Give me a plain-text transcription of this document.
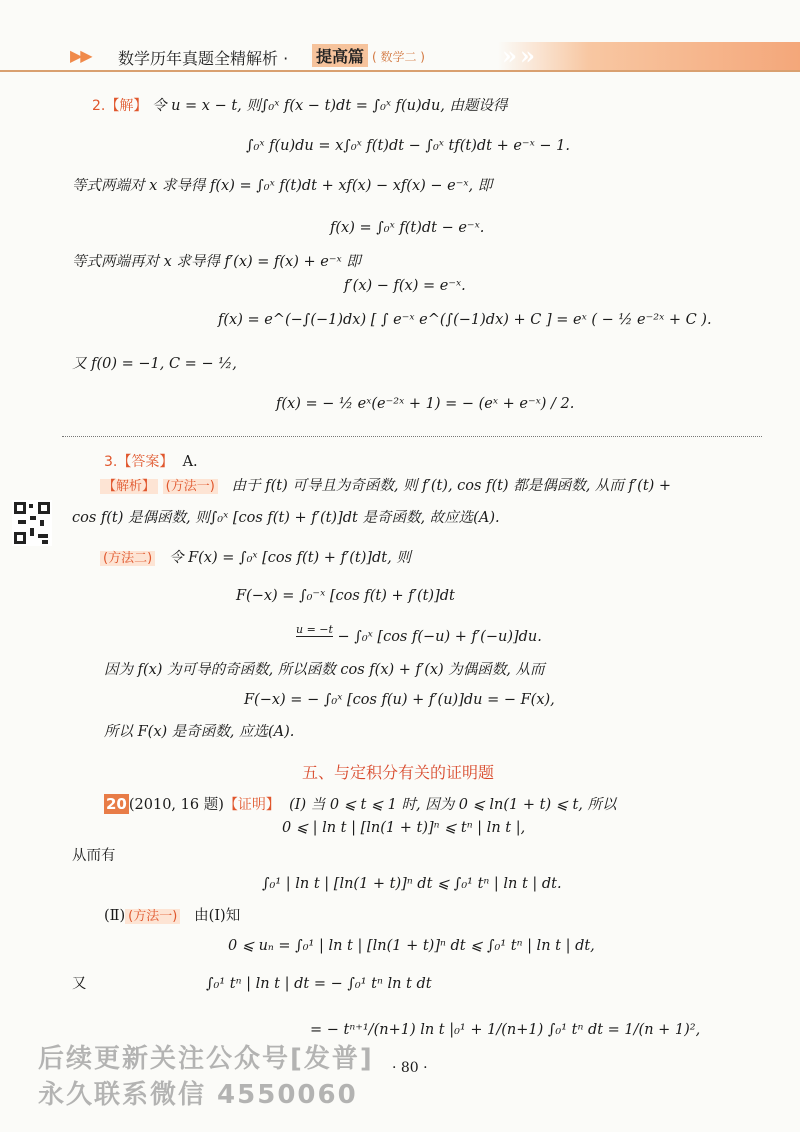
▶▶ 数学历年真题全精解析 · 提高篇 ( 数学二 )	» »
2.【解】 令 u = x − t, 则∫₀ˣ f(x − t)dt = ∫₀ˣ f(u)du, 由题设得
∫₀ˣ f(u)du = x∫₀ˣ f(t)dt − ∫₀ˣ tf(t)dt + e⁻ˣ − 1.
等式两端对 x 求导得 f(x) = ∫₀ˣ f(t)dt + xf(x) − xf(x) − e⁻ˣ, 即
f(x) = ∫₀ˣ f(t)dt − e⁻ˣ.
等式两端再对 x 求导得 f′(x) = f(x) + e⁻ˣ 即
f′(x) − f(x) = e⁻ˣ.
f(x) = e^(−∫(−1)dx) [ ∫ e⁻ˣ e^(∫(−1)dx) + C ] = eˣ ( − ½ e⁻²ˣ + C ).
又 f(0) = −1, C = − ½,
f(x) = − ½ eˣ(e⁻²ˣ + 1) = − (eˣ + e⁻ˣ) / 2.
3.【答案】 A.
【解析】 (方法一) 由于 f(t) 可导且为奇函数, 则 f′(t), cos f(t) 都是偶函数, 从而 f′(t) +
cos f(t) 是偶函数, 则∫₀ˣ [cos f(t) + f′(t)]dt 是奇函数, 故应选(A).
(方法二) 令 F(x) = ∫₀ˣ [cos f(t) + f′(t)]dt, 则
F(−x) = ∫₀⁻ˣ [cos f(t) + f′(t)]dt
u = −t − ∫₀ˣ [cos f(−u) + f′(−u)]du.
因为 f(x) 为可导的奇函数, 所以函数 cos f(x) + f′(x) 为偶函数, 从而
F(−x) = − ∫₀ˣ [cos f(u) + f′(u)]du = − F(x),
所以 F(x) 是奇函数, 应选(A).
五、与定积分有关的证明题
20 (2010, 16 题)【证明】 (Ⅰ) 当 0 ⩽ t ⩽ 1 时, 因为 0 ⩽ ln(1 + t) ⩽ t, 所以
0 ⩽ | ln t | [ln(1 + t)]ⁿ ⩽ tⁿ | ln t |,
从而有
∫₀¹ | ln t | [ln(1 + t)]ⁿ dt ⩽ ∫₀¹ tⁿ | ln t | dt.
(Ⅱ) (方法一) 由(Ⅰ)知
0 ⩽ uₙ = ∫₀¹ | ln t | [ln(1 + t)]ⁿ dt ⩽ ∫₀¹ tⁿ | ln t | dt,
又	∫₀¹ tⁿ | ln t | dt = − ∫₀¹ tⁿ ln t dt
= − tⁿ⁺¹/(n+1) ln t |₀¹ + 1/(n+1) ∫₀¹ tⁿ dt = 1/(n + 1)²,
· 80 ·
后续更新关注公众号[发普]
永久联系微信 4550060
